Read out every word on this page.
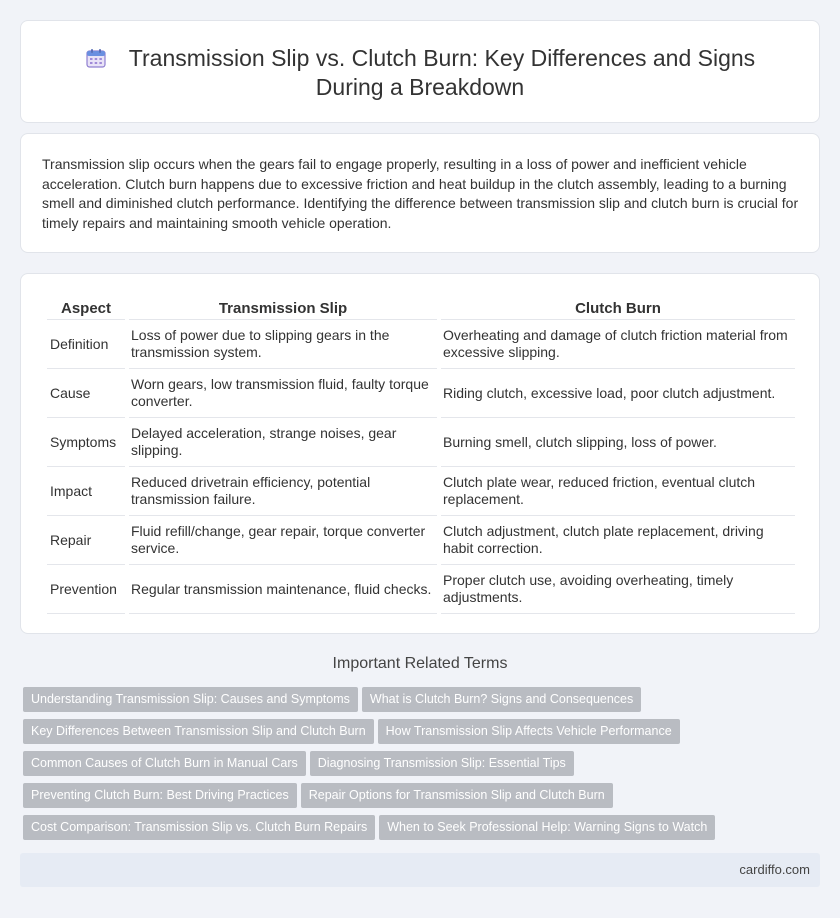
Transmission Slip vs. Clutch Burn: Key Differences and Signs
During a Breakdown

Transmission slip occurs when the gears fail to engage properly, resulting in a loss of power and inefficient vehicle acceleration. Clutch burn happens due to excessive friction and heat buildup in the clutch assembly, leading to a burning smell and diminished clutch performance. Identifying the difference between transmission slip and clutch burn is crucial for timely repairs and maintaining smooth vehicle operation.

Aspect	Transmission Slip	Clutch Burn
Definition	Loss of power due to slipping gears in the transmission system.	Overheating and damage of clutch friction material from excessive slipping.
Cause	Worn gears, low transmission fluid, faulty torque converter.	Riding clutch, excessive load, poor clutch adjustment.
Symptoms	Delayed acceleration, strange noises, gear slipping.	Burning smell, clutch slipping, loss of power.
Impact	Reduced drivetrain efficiency, potential transmission failure.	Clutch plate wear, reduced friction, eventual clutch replacement.
Repair	Fluid refill/change, gear repair, torque converter service.	Clutch adjustment, clutch plate replacement, driving habit correction.
Prevention	Regular transmission maintenance, fluid checks.	Proper clutch use, avoiding overheating, timely adjustments.
Important Related Terms
Understanding Transmission Slip: Causes and Symptoms What is Clutch Burn? Signs and Consequences
Key Differences Between Transmission Slip and Clutch Burn How Transmission Slip Affects Vehicle Performance
Common Causes of Clutch Burn in Manual Cars Diagnosing Transmission Slip: Essential Tips
Preventing Clutch Burn: Best Driving Practices Repair Options for Transmission Slip and Clutch Burn
Cost Comparison: Transmission Slip vs. Clutch Burn Repairs When to Seek Professional Help: Warning Signs to Watch
cardiffo.com
